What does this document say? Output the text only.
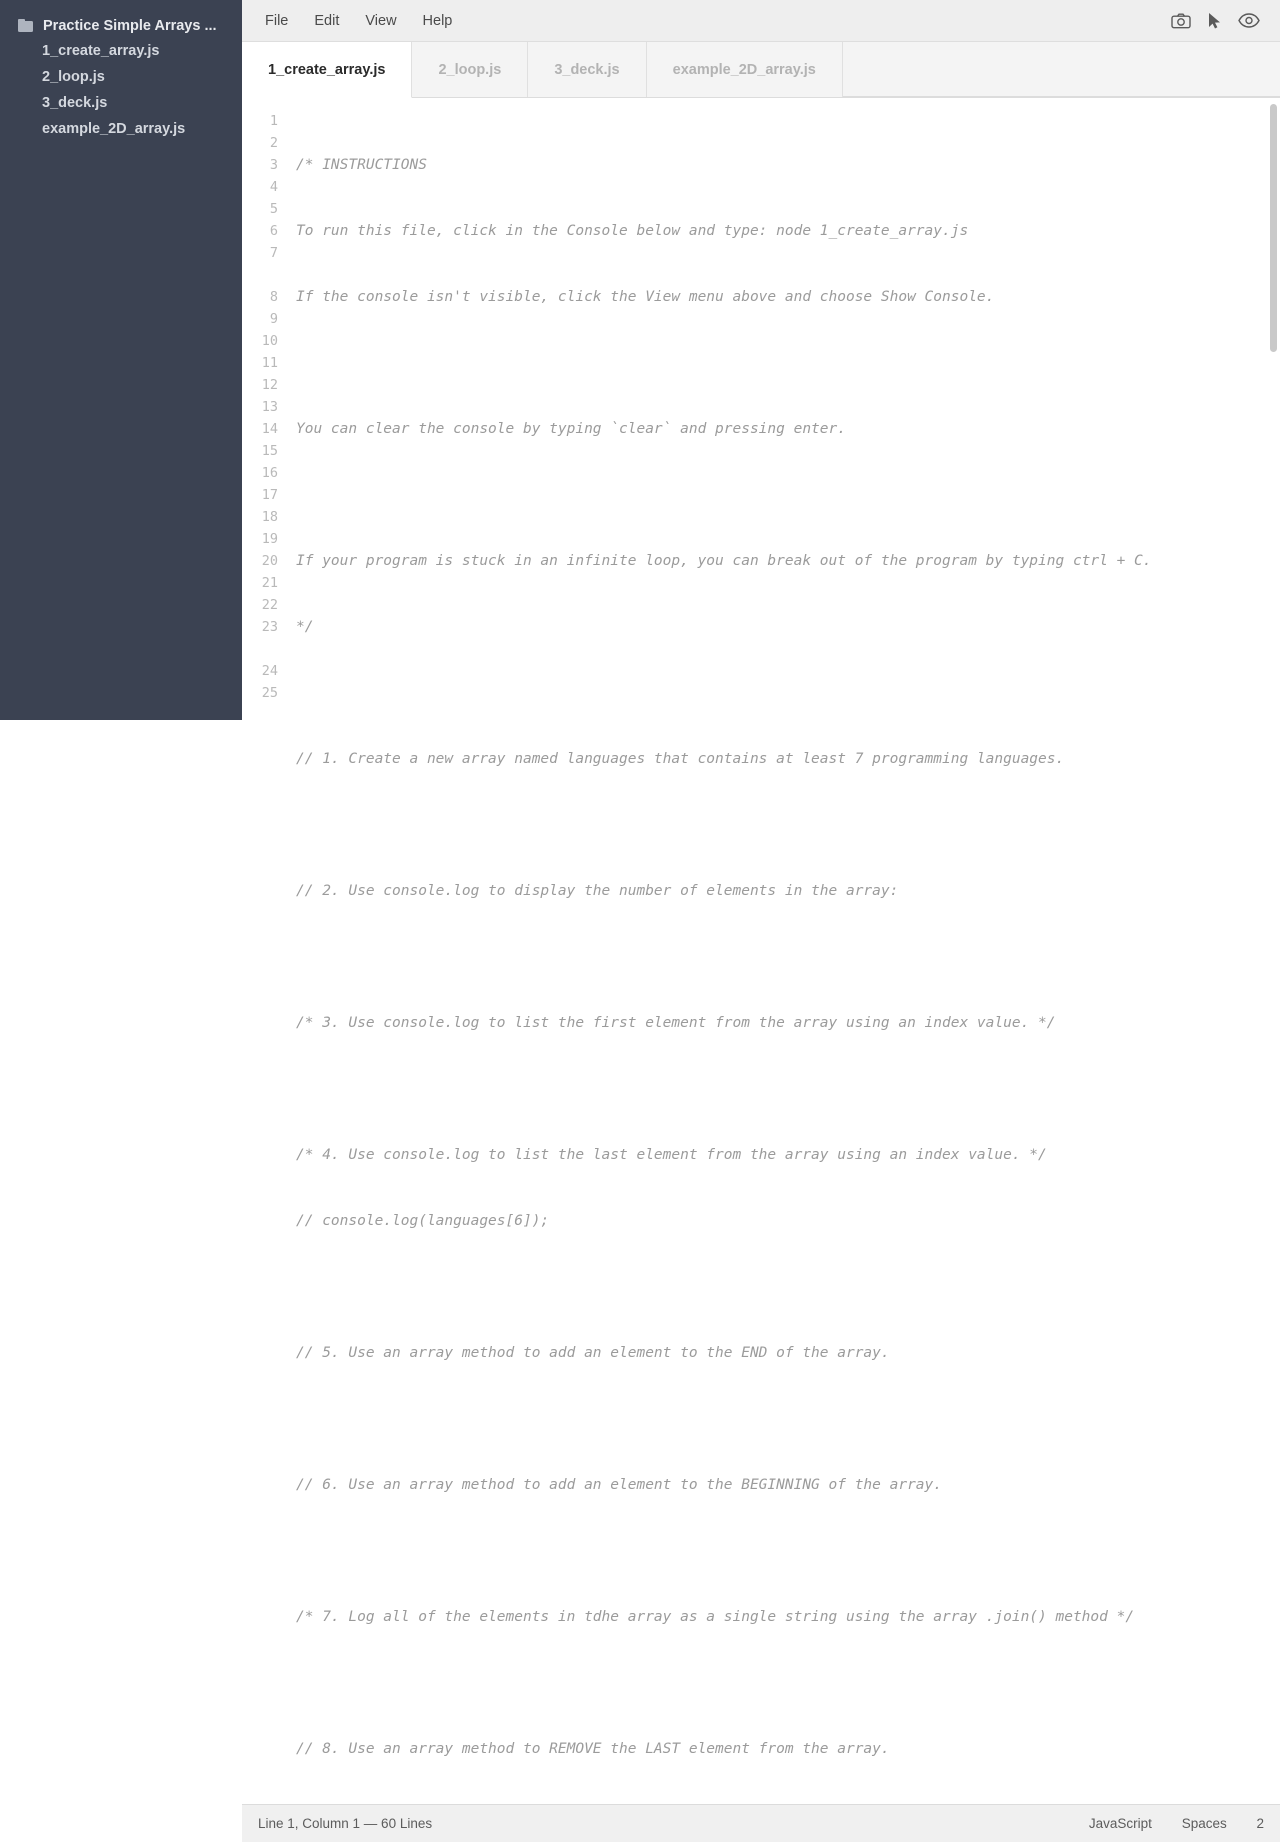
Practice Simple Arrays ...
1_create_array.js
2_loop.js
3_deck.js
example_2D_array.js
File	Edit	View	Help
1_create_array.js	2_loop.js	3_deck.js	example_2D_array.js
1
2
3
4
5
6
7
8
9
10
11
12
13
14
15
16
17
18
19
20
21
22
23
24
25

/* INSTRUCTIONS

To run this file, click in the Console below and type: node 1_create_array.js

If the console isn't visible, click the View menu above and choose Show Console.

You can clear the console by typing `clear` and pressing enter.

If your program is stuck in an infinite loop, you can break out of the program by typing ctrl + C.

*/

// 1. Create a new array named languages that contains at least 7 programming languages.

// 2. Use console.log to display the number of elements in the array:

/* 3. Use console.log to list the first element from the array using an index value. */

/* 4. Use console.log to list the last element from the array using an index value. */

// console.log(languages[6]);

// 5. Use an array method to add an element to the END of the array.

// 6. Use an array method to add an element to the BEGINNING of the array.

/* 7. Log all of the elements in tdhe array as a single string using the array .join() method */

// 8. Use an array method to REMOVE the LAST element from the array.

Line 1, Column 1 — 60 Lines	JavaScript Spaces 2
